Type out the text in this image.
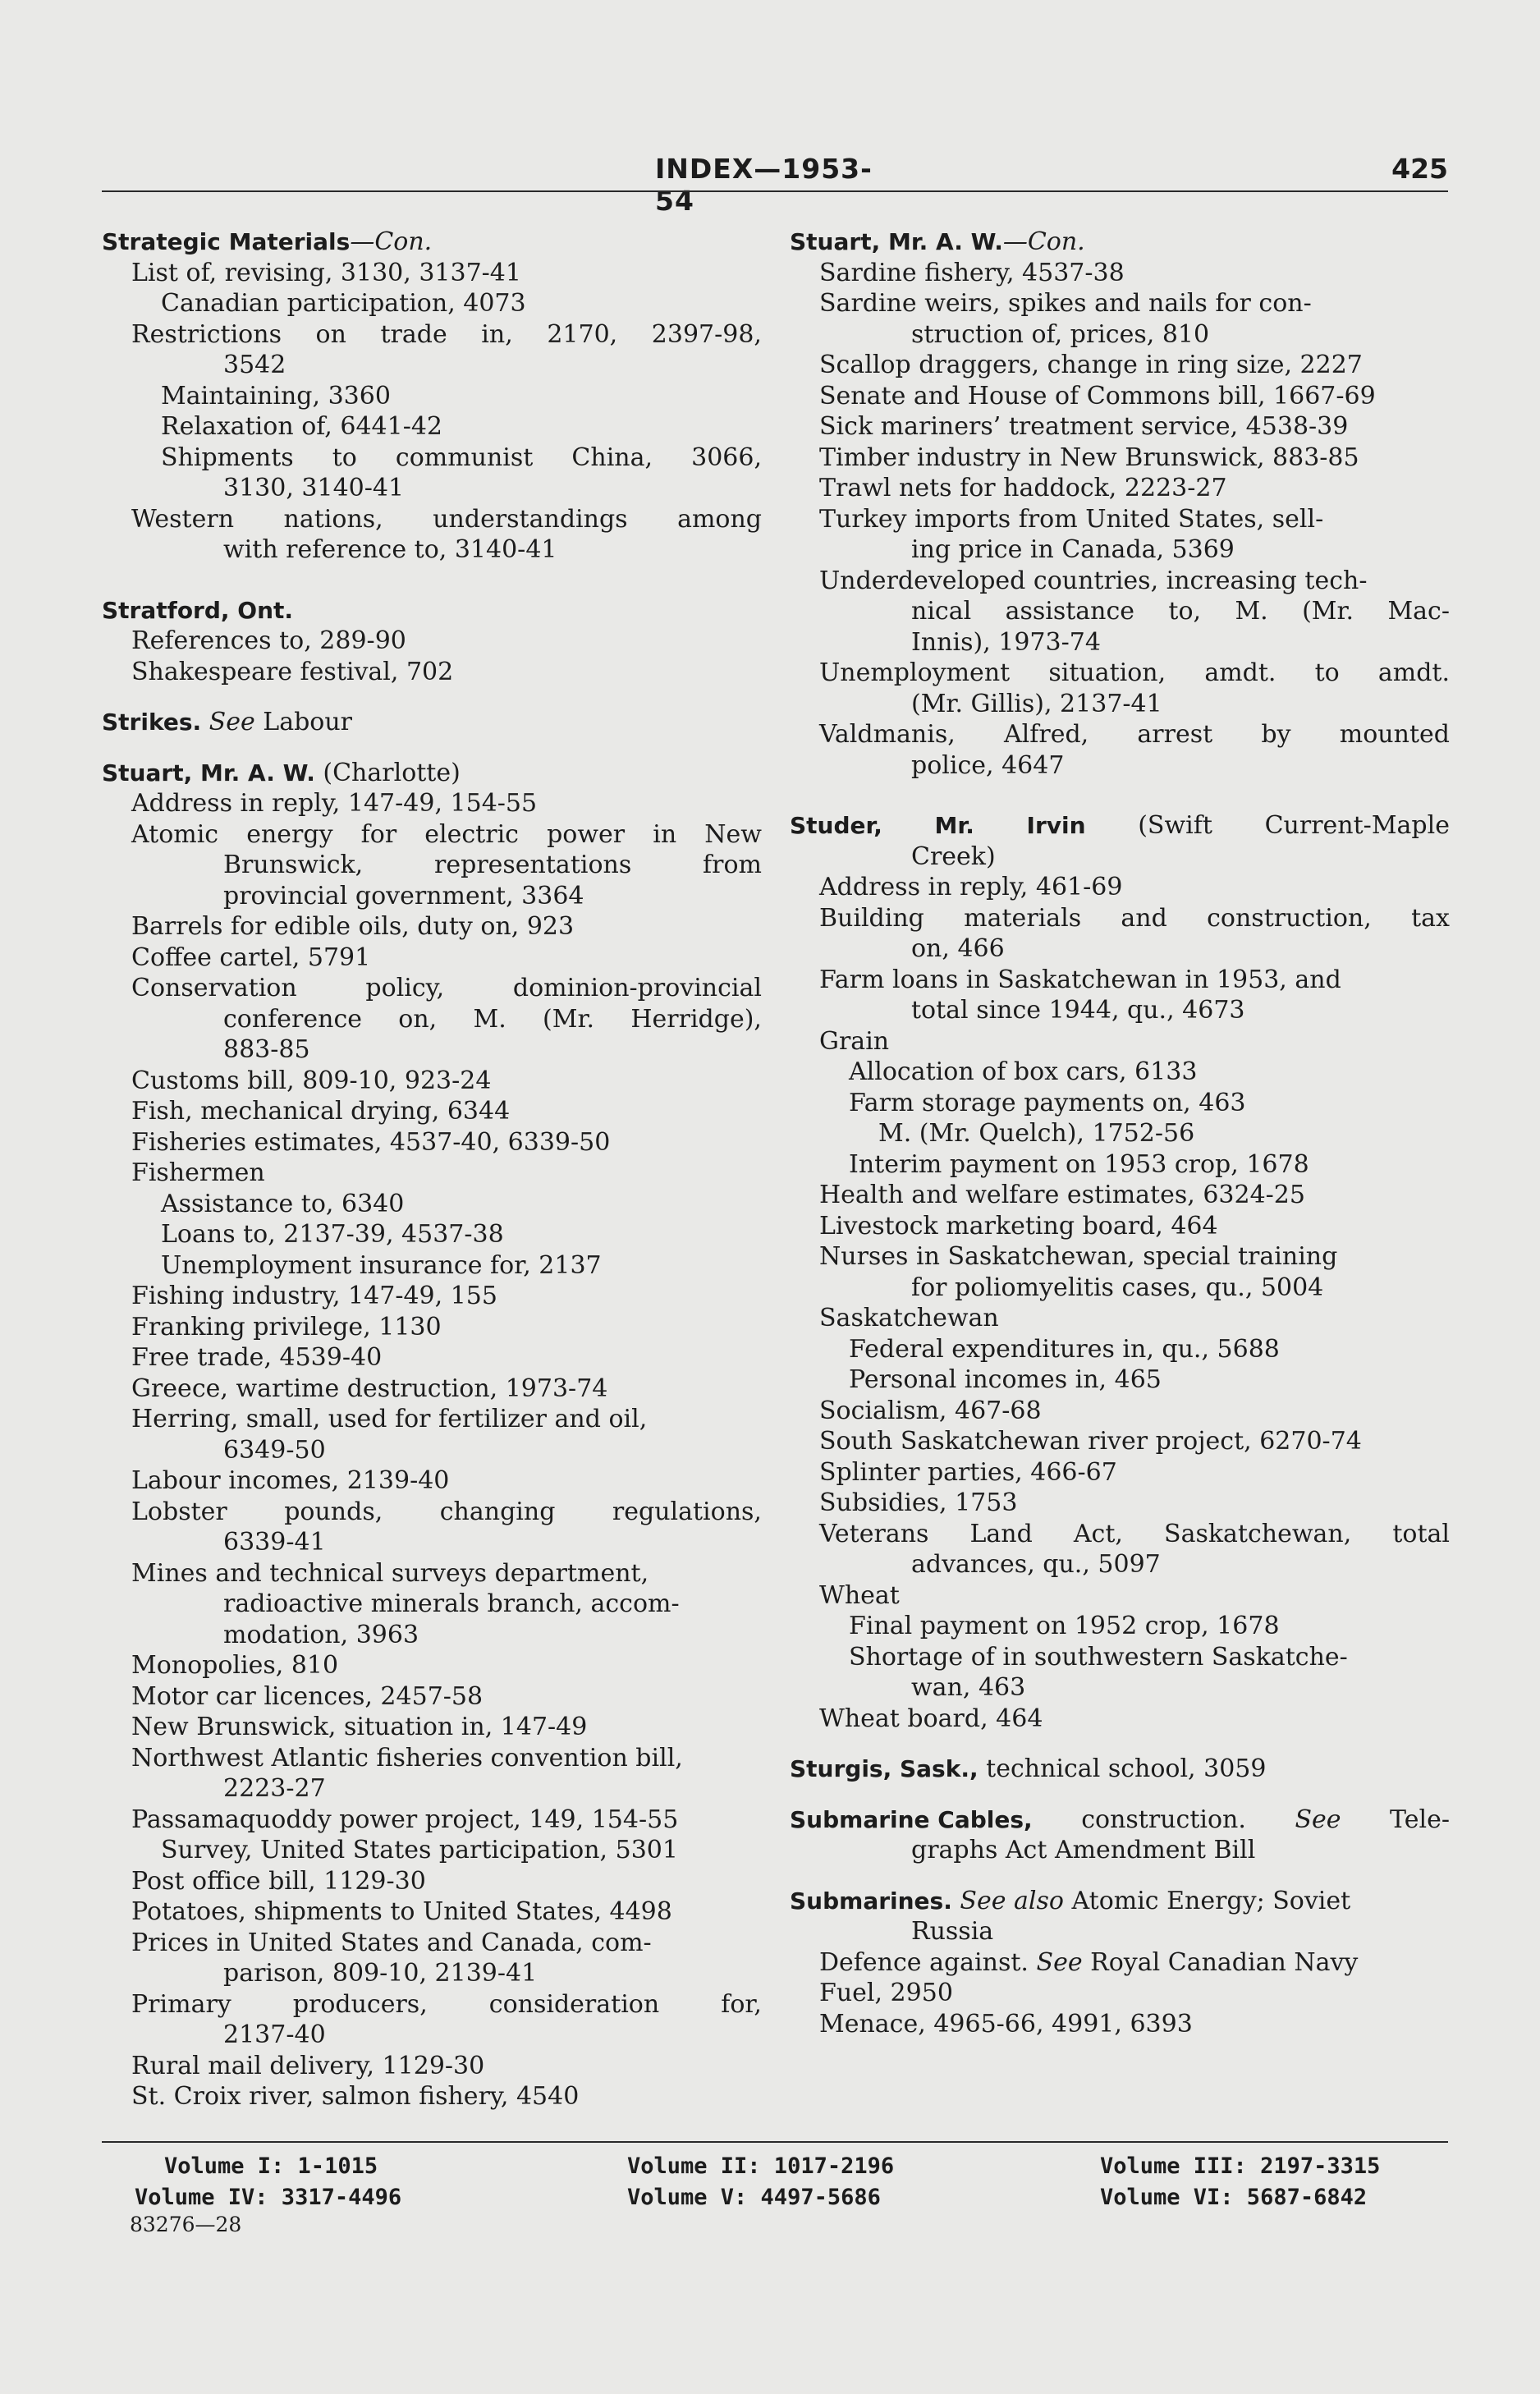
INDEX—1953-54
425
Strategic Materials—Con.
List of, revising, 3130, 3137-41
Canadian participation, 4073
Restrictions on trade in, 2170, 2397-98,
3542
Maintaining, 3360
Relaxation of, 6441-42
Shipments to communist China, 3066,
3130, 3140-41
Western nations, understandings among
with reference to, 3140-41
Stratford, Ont.
References to, 289-90
Shakespeare festival, 702
Strikes. See Labour
Stuart, Mr. A. W. (Charlotte)
Address in reply, 147-49, 154-55
Atomic energy for electric power in New
Brunswick,	representations	from
provincial government, 3364
Barrels for edible oils, duty on, 923
Coffee cartel, 5791
Conservation	policy,	dominion-provincial
conference on, M. (Mr. Herridge),
883-85
Customs bill, 809-10, 923-24
Fish, mechanical drying, 6344
Fisheries estimates, 4537-40, 6339-50
Fishermen
Assistance to, 6340
Loans to, 2137-39, 4537-38
Unemployment insurance for, 2137
Fishing industry, 147-49, 155
Franking privilege, 1130
Free trade, 4539-40
Greece, wartime destruction, 1973-74
Herring, small, used for fertilizer and oil,
6349-50
Labour incomes, 2139-40
Lobster pounds, changing regulations,
6339-41
Mines and technical surveys department,
radioactive minerals branch, accom-
modation, 3963
Monopolies, 810
Motor car licences, 2457-58
New Brunswick, situation in, 147-49
Northwest Atlantic fisheries convention bill,
2223-27
Passamaquoddy power project, 149, 154-55
Survey, United States participation, 5301
Post office bill, 1129-30
Potatoes, shipments to United States, 4498
Prices in United States and Canada, com-
parison, 809-10, 2139-41
Primary	producers,	consideration	for,
2137-40
Rural mail delivery, 1129-30
St. Croix river, salmon fishery, 4540
Stuart, Mr. A. W.—Con.
Sardine fishery, 4537-38
Sardine weirs, spikes and nails for con-
struction of, prices, 810
Scallop draggers, change in ring size, 2227
Senate and House of Commons bill, 1667-69
Sick mariners’ treatment service, 4538-39
Timber industry in New Brunswick, 883-85
Trawl nets for haddock, 2223-27
Turkey imports from United States, sell-
ing price in Canada, 5369
Underdeveloped countries, increasing tech-
nical assistance to, M. (Mr. Mac-
Innis), 1973-74
Unemployment situation, amdt. to amdt.
(Mr. Gillis), 2137-41
Valdmanis, Alfred, arrest by mounted
police, 4647
Studer, Mr. Irvin (Swift Current-Maple
Creek)
Address in reply, 461-69
Building materials and construction, tax
on, 466
Farm loans in Saskatchewan in 1953, and
total since 1944, qu., 4673
Grain
Allocation of box cars, 6133
Farm storage payments on, 463
M. (Mr. Quelch), 1752-56
Interim payment on 1953 crop, 1678
Health and welfare estimates, 6324-25
Livestock marketing board, 464
Nurses in Saskatchewan, special training
for poliomyelitis cases, qu., 5004
Saskatchewan
Federal expenditures in, qu., 5688
Personal incomes in, 465
Socialism, 467-68
South Saskatchewan river project, 6270-74
Splinter parties, 466-67
Subsidies, 1753
Veterans Land Act, Saskatchewan, total
advances, qu., 5097
Wheat
Final payment on 1952 crop, 1678
Shortage of in southwestern Saskatche-
wan, 463
Wheat board, 464
Sturgis, Sask., technical school, 3059
Submarine Cables, construction. See Tele-
graphs Act Amendment Bill
Submarines. See also Atomic Energy; Soviet
Russia
Defence against. See Royal Canadian Navy
Fuel, 2950
Menace, 4965-66, 4991, 6393
Volume I: 1-1015
Volume IV: 3317-4496
Volume II: 1017-2196
Volume V: 4497-5686
Volume III: 2197-3315
Volume VI: 5687-6842
83276—28
